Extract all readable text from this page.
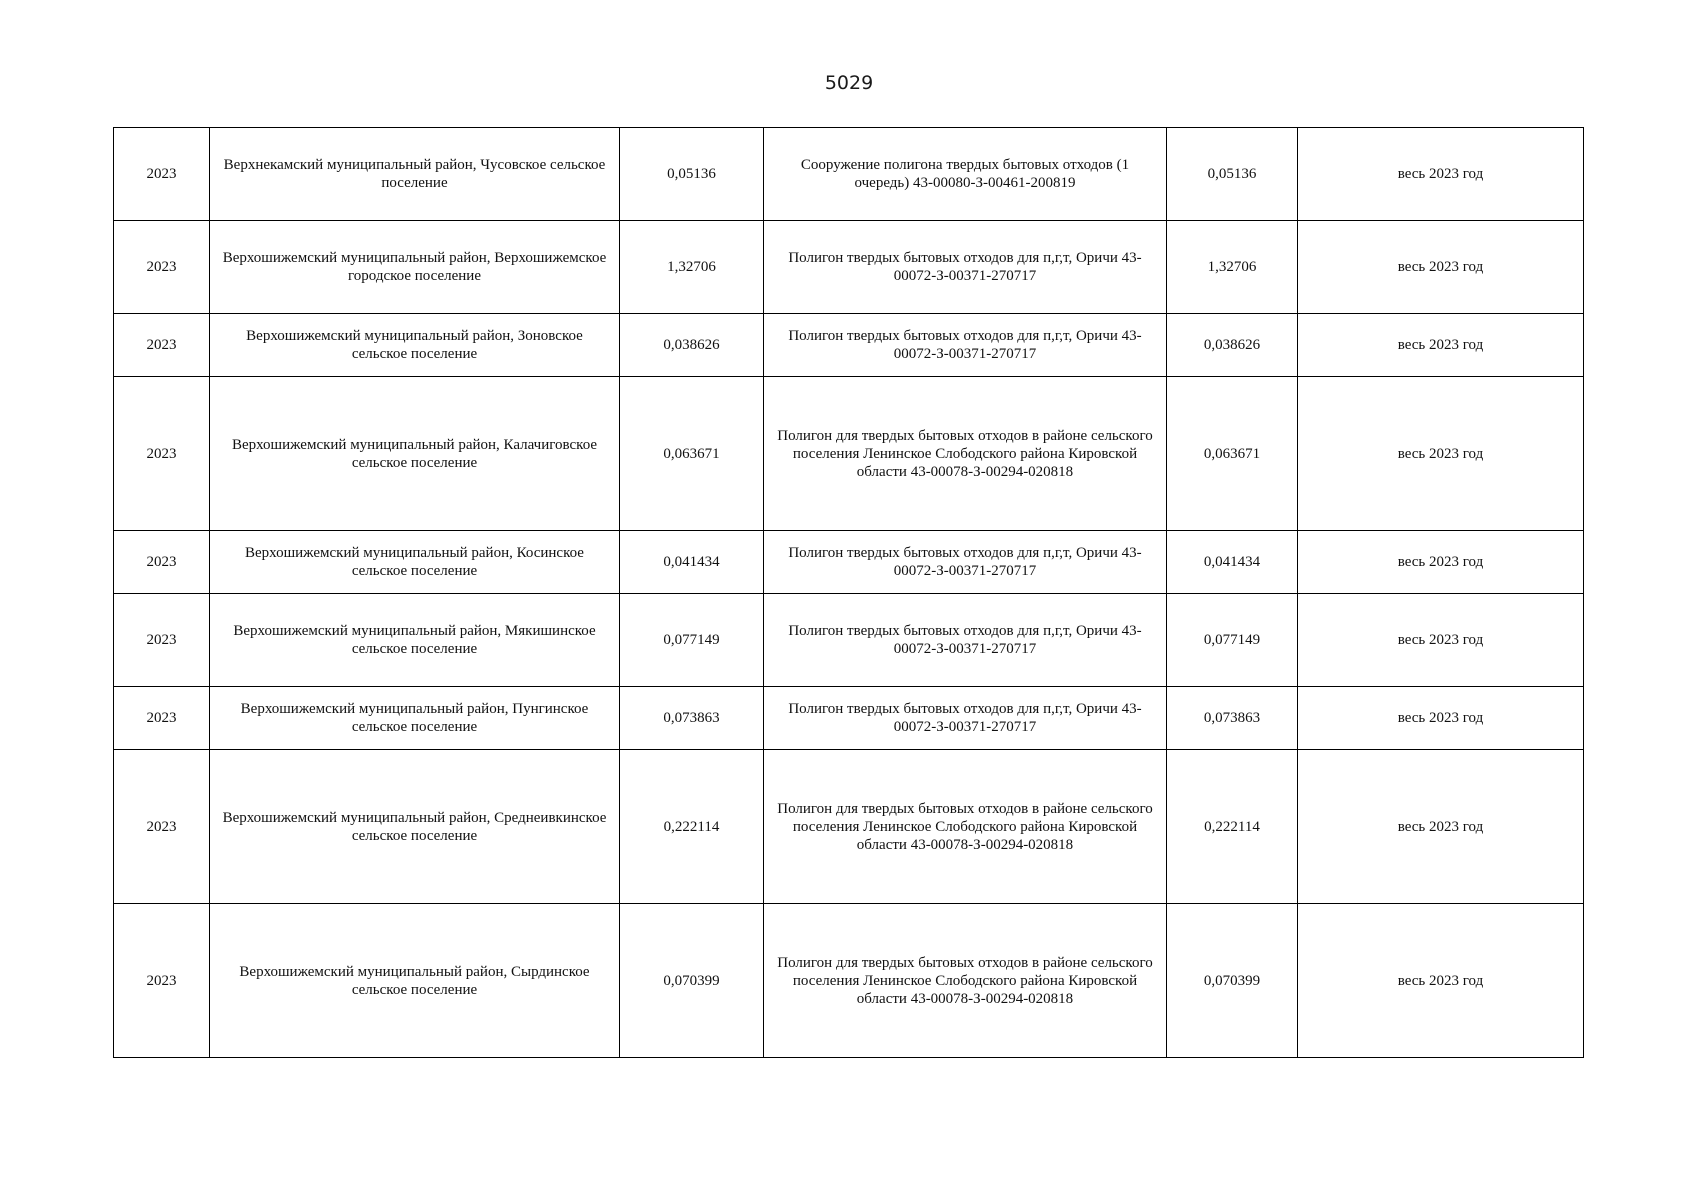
5029
2023	Верхнекамский муниципальный район, Чусовское сельское поселение	0,05136	Сооружение полигона твердых бытовых отходов (1 очередь) 43-00080-З-00461-200819	0,05136	весь 2023 год
2023	Верхошижемский муниципальный район, Верхошижемское городское поселение	1,32706	Полигон твердых бытовых отходов для п,г,т, Оричи 43-00072-З-00371-270717	1,32706	весь 2023 год
2023	Верхошижемский муниципальный район, Зоновское сельское поселение	0,038626	Полигон твердых бытовых отходов для п,г,т, Оричи 43-00072-З-00371-270717	0,038626	весь 2023 год
2023	Верхошижемский муниципальный район, Калачиговское сельское поселение	0,063671	Полигон для твердых бытовых отходов в районе сельского поселения Ленинское Слободского района Кировской области 43-00078-З-00294-020818	0,063671	весь 2023 год
2023	Верхошижемский муниципальный район, Косинское сельское поселение	0,041434	Полигон твердых бытовых отходов для п,г,т, Оричи 43-00072-З-00371-270717	0,041434	весь 2023 год
2023	Верхошижемский муниципальный район, Мякишинское сельское поселение	0,077149	Полигон твердых бытовых отходов для п,г,т, Оричи 43-00072-З-00371-270717	0,077149	весь 2023 год
2023	Верхошижемский муниципальный район, Пунгинское сельское поселение	0,073863	Полигон твердых бытовых отходов для п,г,т, Оричи 43-00072-З-00371-270717	0,073863	весь 2023 год
2023	Верхошижемский муниципальный район, Среднеивкинское сельское поселение	0,222114	Полигон для твердых бытовых отходов в районе сельского поселения Ленинское Слободского района Кировской области 43-00078-З-00294-020818	0,222114	весь 2023 год
2023	Верхошижемский муниципальный район, Сырдинское сельское поселение	0,070399	Полигон для твердых бытовых отходов в районе сельского поселения Ленинское Слободского района Кировской области 43-00078-З-00294-020818	0,070399	весь 2023 год
